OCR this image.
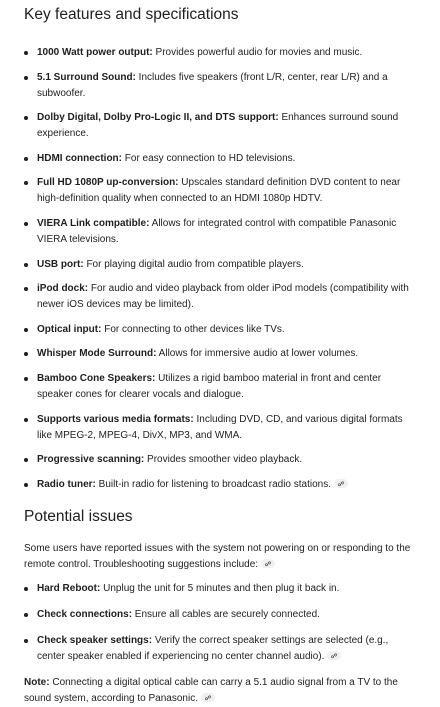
Key features and specifications
1000 Watt power output: Provides powerful audio for movies and music.
5.1 Surround Sound: Includes five speakers (front L/R, center, rear L/R) and a subwoofer.
Dolby Digital, Dolby Pro-Logic II, and DTS support: Enhances surround sound experience.
HDMI connection: For easy connection to HD televisions.
Full HD 1080P up-conversion: Upscales standard definition DVD content to near high-definition quality when connected to an HDMI 1080p HDTV.
VIERA Link compatible: Allows for integrated control with compatible Panasonic VIERA televisions.
USB port: For playing digital audio from compatible players.
iPod dock: For audio and video playback from older iPod models (compatibility with newer iOS devices may be limited).
Optical input: For connecting to other devices like TVs.
Whisper Mode Surround: Allows for immersive audio at lower volumes.
Bamboo Cone Speakers: Utilizes a rigid bamboo material in front and center speaker cones for clearer vocals and dialogue.
Supports various media formats: Including DVD, CD, and various digital formats like MPEG-2, MPEG-4, DivX, MP3, and WMA.
Progressive scanning: Provides smoother video playback.
Radio tuner: Built-in radio for listening to broadcast radio stations.
Potential issues

Some users have reported issues with the system not powering on or responding to the remote control. Troubleshooting suggestions include:

Hard Reboot: Unplug the unit for 5 minutes and then plug it back in.
Check connections: Ensure all cables are securely connected.
Check speaker settings: Verify the correct speaker settings are selected (e.g., center speaker enabled if experiencing no center channel audio).

Note: Connecting a digital optical cable can carry a 5.1 audio signal from a TV to the sound system, according to Panasonic.
